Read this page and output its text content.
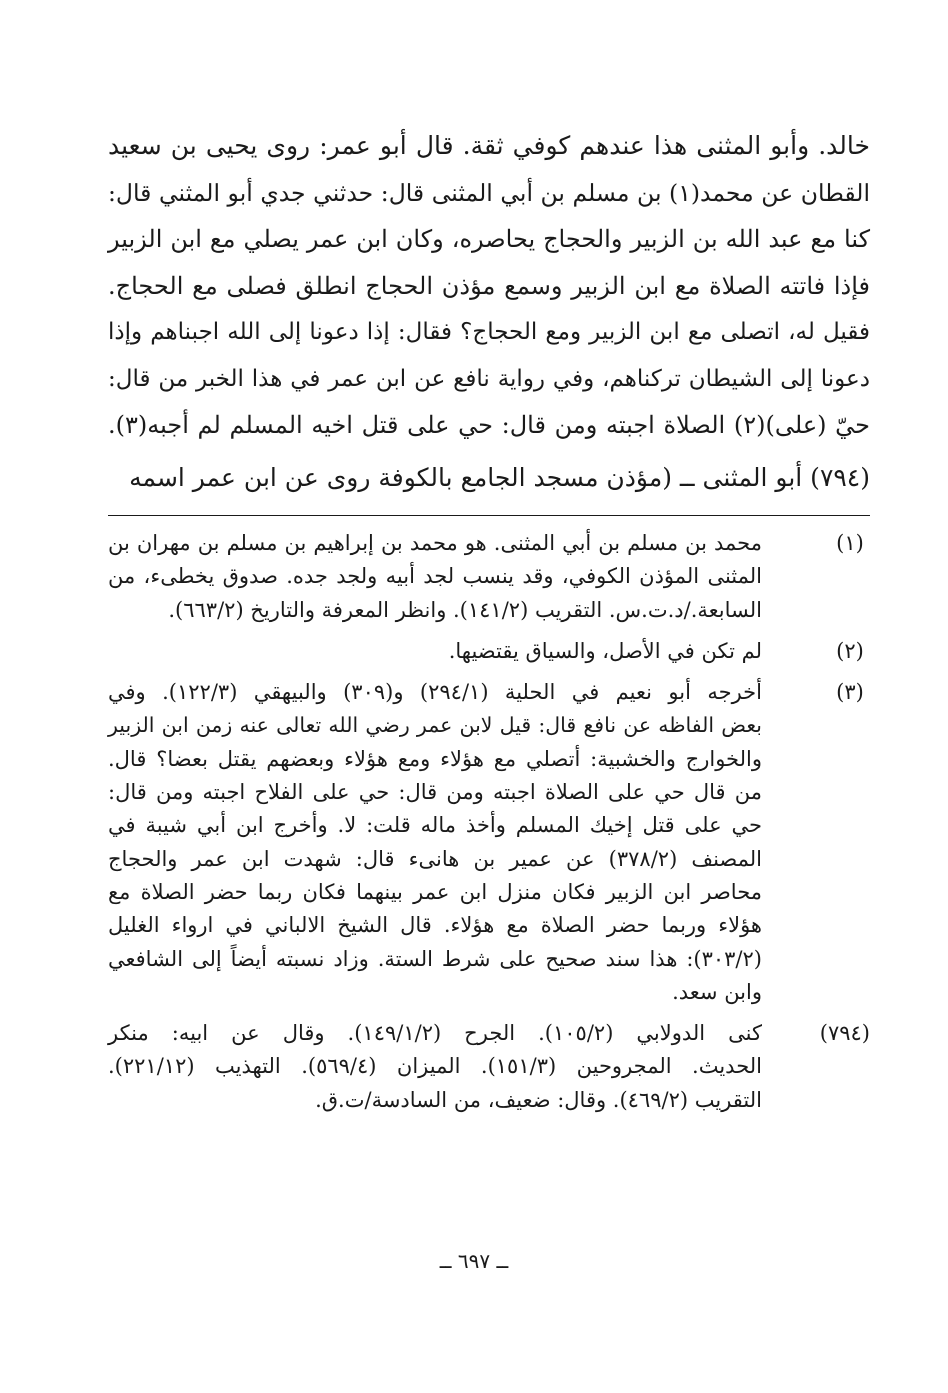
خالد. وأبو المثنى هذا عندهم كوفي ثقة. قال أبو عمر: روى يحيى بن سعيد
القطان عن محمد(١) بن مسلم بن أبي المثنى قال: حدثني جدي أبو المثني قال:
كنا مع عبد الله بن الزبير والحجاج يحاصره، وكان ابن عمر يصلي مع ابن الزبير
فإذا فاتته الصلاة مع ابن الزبير وسمع مؤذن الحجاج انطلق فصلى مع الحجاج.
فقيل له، اتصلى مع ابن الزبير ومع الحجاج؟ فقال: إذا دعونا إلى الله اجبناهم وإذا
دعونا إلى الشيطان تركناهم، وفي رواية نافع عن ابن عمر في هذا الخبر من قال:
حيّ (على)(٢) الصلاة اجبته ومن قال: حي على قتل اخيه المسلم لم أجبه(٣).
(٧٩٤) أبو المثنى ــ (مؤذن مسجد الجامع بالكوفة روى عن ابن عمر اسمه
(١)
محمد بن مسلم بن أبي المثنى. هو محمد بن إبراهيم بن مسلم بن مهران بن
المثنى المؤذن الكوفي، وقد ينسب لجد أبيه ولجد جده. صدوق يخطىء، من
السابعة./د.ت.س. التقريب (١٤١/٢). وانظر المعرفة والتاريخ (٦٦٣/٢).
(٢)
لم تكن في الأصل، والسياق يقتضيها.
(٣)
أخرجه أبو نعيم في الحلية (٢٩٤/١) و(٣٠٩) والبيهقي (١٢٢/٣). وفي
بعض الفاظه عن نافع قال: قيل لابن عمر رضي الله تعالى عنه زمن ابن الزبير
والخوارج والخشبية: أتصلي مع هؤلاء ومع هؤلاء وبعضهم يقتل بعضا؟ قال.
من قال حي على الصلاة اجبته ومن قال: حي على الفلاح اجبته ومن قال:
حي على قتل إخيك المسلم وأخذ ماله قلت: لا. وأخرج ابن أبي شيبة في
المصنف (٣٧٨/٢) عن عمير بن هانىء قال: شهدت ابن عمر والحجاج
محاصر ابن الزبير فكان منزل ابن عمر بينهما فكان ربما حضر الصلاة مع
هؤلاء وربما حضر الصلاة مع هؤلاء. قال الشيخ الالباني في ارواء الغليل
(٣٠٣/٢): هذا سند صحيح على شرط الستة. وزاد نسبته أيضاً إلى الشافعي
وابن سعد.
(٧٩٤)
كنى الدولابي (١٠٥/٢). الجرح (١٤٩/١/٢). وقال عن ابيه: منكر
الحديث. المجروحين (١٥١/٣). الميزان (٥٦٩/٤). التهذيب (٢٢١/١٢).
التقريب (٤٦٩/٢). وقال: ضعيف، من السادسة/ت.ق.
ــ ٦٩٧ ــ
